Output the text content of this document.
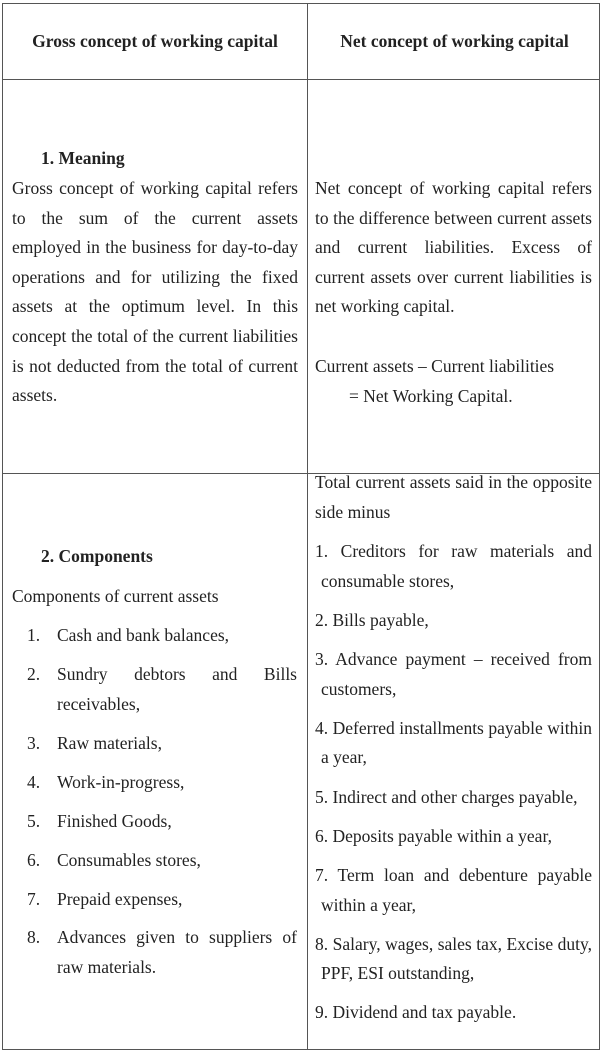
Gross concept of working capital	Net concept of working capital
1. Meaning
Gross concept of working capital refers to the sum of the current assets employed in the business for day-to-day operations and for utilizing the fixed assets at the optimum level. In this concept the total of the current liabilities is not deducted from the total of current assets.
Net concept of working capital refers to the difference between current assets and current liabilities. Excess of current assets over current liabilities is net working capital.
Current assets – Current liabilities
= Net Working Capital.
2. Components
Components of current assets
1. Cash and bank balances,
2. Sundry debtors and Bills receivables,
3. Raw materials,
4. Work-in-progress,
5. Finished Goods,
6. Consumables stores,
7. Prepaid expenses,
8. Advances given to suppliers of raw materials.
Total current assets said in the opposite side minus
1. Creditors for raw materials and consumable stores,
2. Bills payable,
3. Advance payment – received from customers,
4. Deferred installments payable within a year,
5. Indirect and other charges payable,
6. Deposits payable within a year,
7. Term loan and debenture payable within a year,
8. Salary, wages, sales tax, Excise duty, PPF, ESI outstanding,
9. Dividend and tax payable.
